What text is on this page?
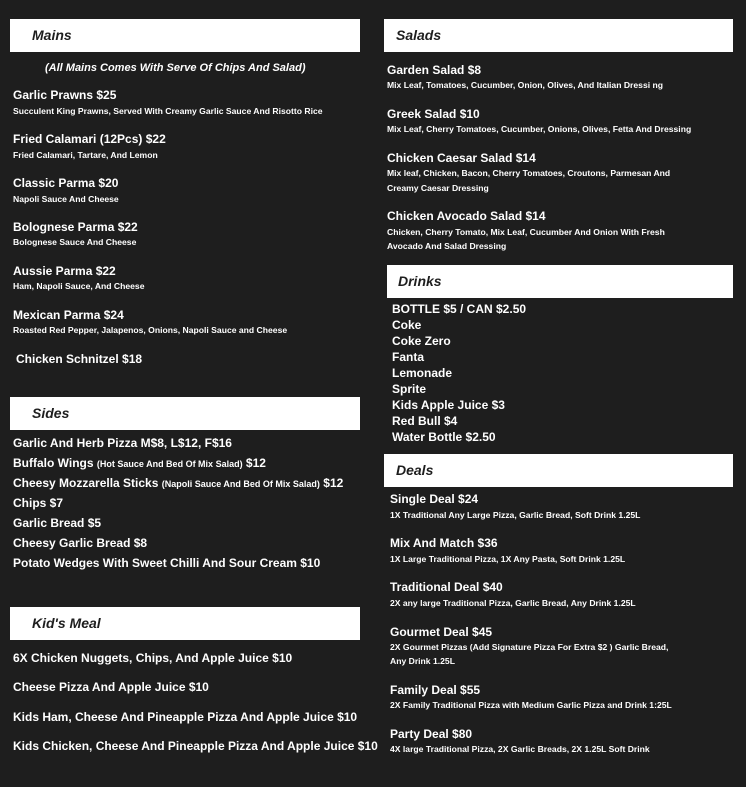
Mains
(All Mains Comes With Serve Of Chips And Salad)
Garlic Prawns $25
Succulent King Prawns, Served With Creamy Garlic Sauce And Risotto Rice
Fried Calamari (12Pcs) $22
Fried Calamari, Tartare, And Lemon
Classic Parma $20
Napoli Sauce And Cheese
Bolognese Parma $22
Bolognese Sauce And Cheese
Aussie Parma $22
Ham, Napoli Sauce, And Cheese
Mexican Parma $24
Roasted Red Pepper, Jalapenos, Onions, Napoli Sauce and Cheese
Chicken Schnitzel $18
Sides
Garlic And Herb Pizza M$8, L$12, F$16
Buffalo Wings (Hot Sauce And Bed Of Mix Salad) $12
Cheesy Mozzarella Sticks (Napoli Sauce And Bed Of Mix Salad) $12
Chips $7
Garlic Bread $5
Cheesy Garlic Bread $8
Potato Wedges With Sweet Chilli And Sour Cream $10
Kid's Meal
6X Chicken Nuggets, Chips, And Apple Juice $10
Cheese Pizza And Apple Juice $10
Kids Ham, Cheese And Pineapple Pizza And Apple Juice $10
Kids Chicken, Cheese And Pineapple Pizza And Apple Juice $10
Salads
Garden Salad $8
Mix Leaf, Tomatoes, Cucumber, Onion, Olives, And Italian Dressi ng
Greek Salad $10
Mix Leaf, Cherry Tomatoes, Cucumber, Onions, Olives, Fetta And Dressing
Chicken Caesar Salad $14
Mix leaf, Chicken, Bacon, Cherry Tomatoes, Croutons, Parmesan And
Creamy Caesar Dressing
Chicken Avocado Salad $14
Chicken, Cherry Tomato, Mix Leaf, Cucumber And Onion With Fresh
Avocado And Salad Dressing
Drinks
BOTTLE $5 / CAN $2.50
Coke
Coke Zero
Fanta
Lemonade
Sprite
Kids Apple Juice $3
Red Bull $4
Water Bottle $2.50
Deals
Single Deal $24
1X Traditional Any Large Pizza, Garlic Bread, Soft Drink 1.25L
Mix And Match $36
1X Large Traditional Pizza, 1X Any Pasta, Soft Drink 1.25L
Traditional Deal $40
2X any large Traditional Pizza, Garlic Bread, Any Drink 1.25L
Gourmet Deal $45
2X Gourmet Pizzas (Add Signature Pizza For Extra $2 ) Garlic Bread,
Any Drink 1.25L
Family Deal $55
2X Family Traditional Pizza with Medium Garlic Pizza and Drink 1:25L
Party Deal $80
4X large Traditional Pizza, 2X Garlic Breads, 2X 1.25L Soft Drink
